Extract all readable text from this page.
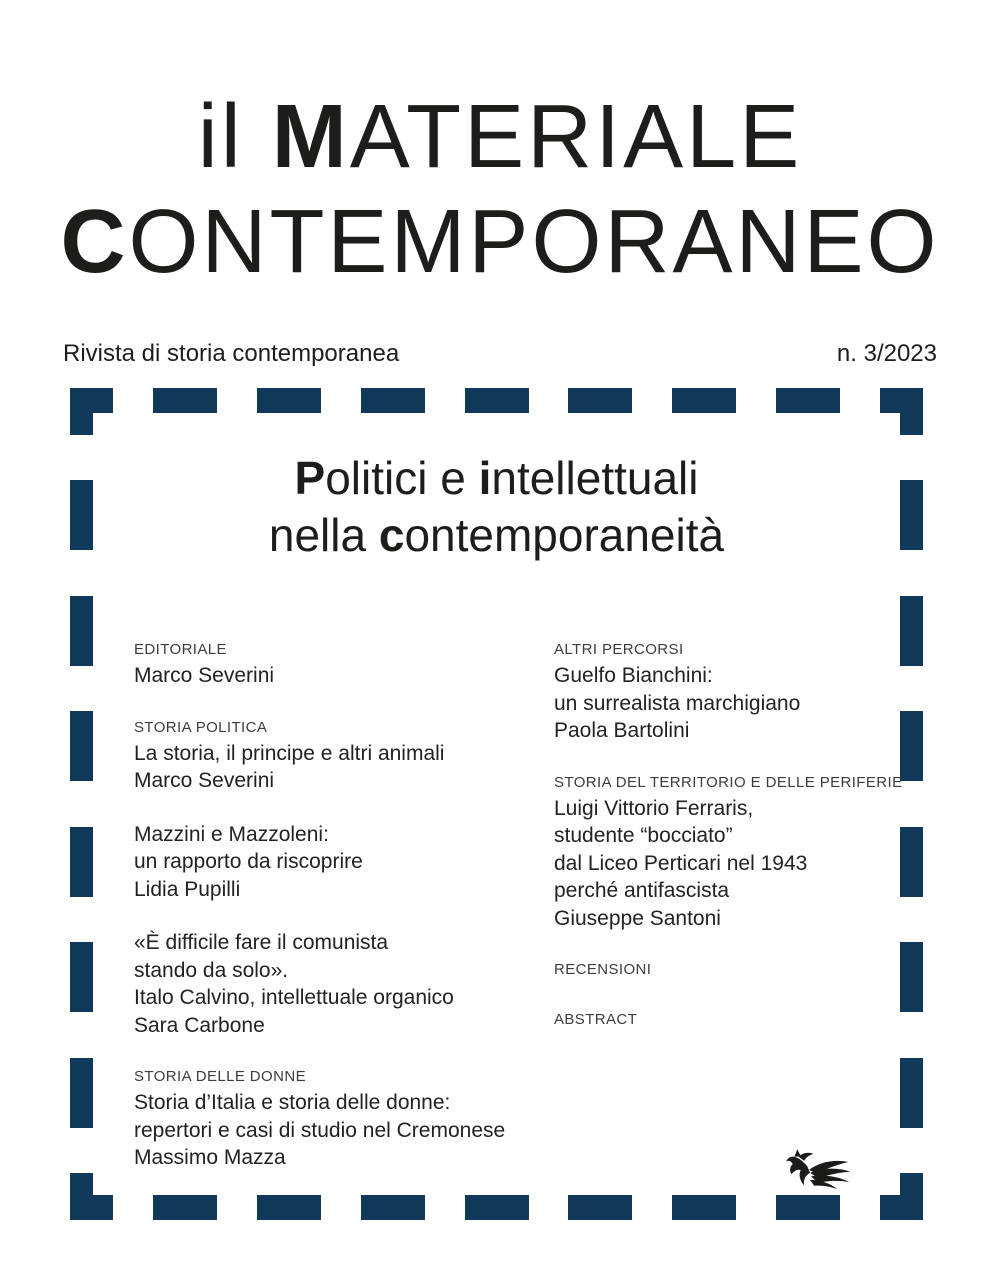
il MATERIALE
CONTEMPORANEO
Rivista di storia contemporanea	n. 3/2023
Politici e intellettuali
nella contemporaneità
EDITORIALE
Marco Severini
STORIA POLITICA
La storia, il principe e altri animali
Marco Severini
Mazzini e Mazzoleni:
un rapporto da riscoprire
Lidia Pupilli
«È difficile fare il comunista
stando da solo».
Italo Calvino, intellettuale organico
Sara Carbone
STORIA DELLE DONNE
Storia d’Italia e storia delle donne:
repertori e casi di studio nel Cremonese
Massimo Mazza
ALTRI PERCORSI
Guelfo Bianchini:
un surrealista marchigiano
Paola Bartolini
STORIA DEL TERRITORIO E DELLE PERIFERIE
Luigi Vittorio Ferraris,
studente “bocciato”
dal Liceo Perticari nel 1943
perché antifascista
Giuseppe Santoni
RECENSIONI
ABSTRACT
